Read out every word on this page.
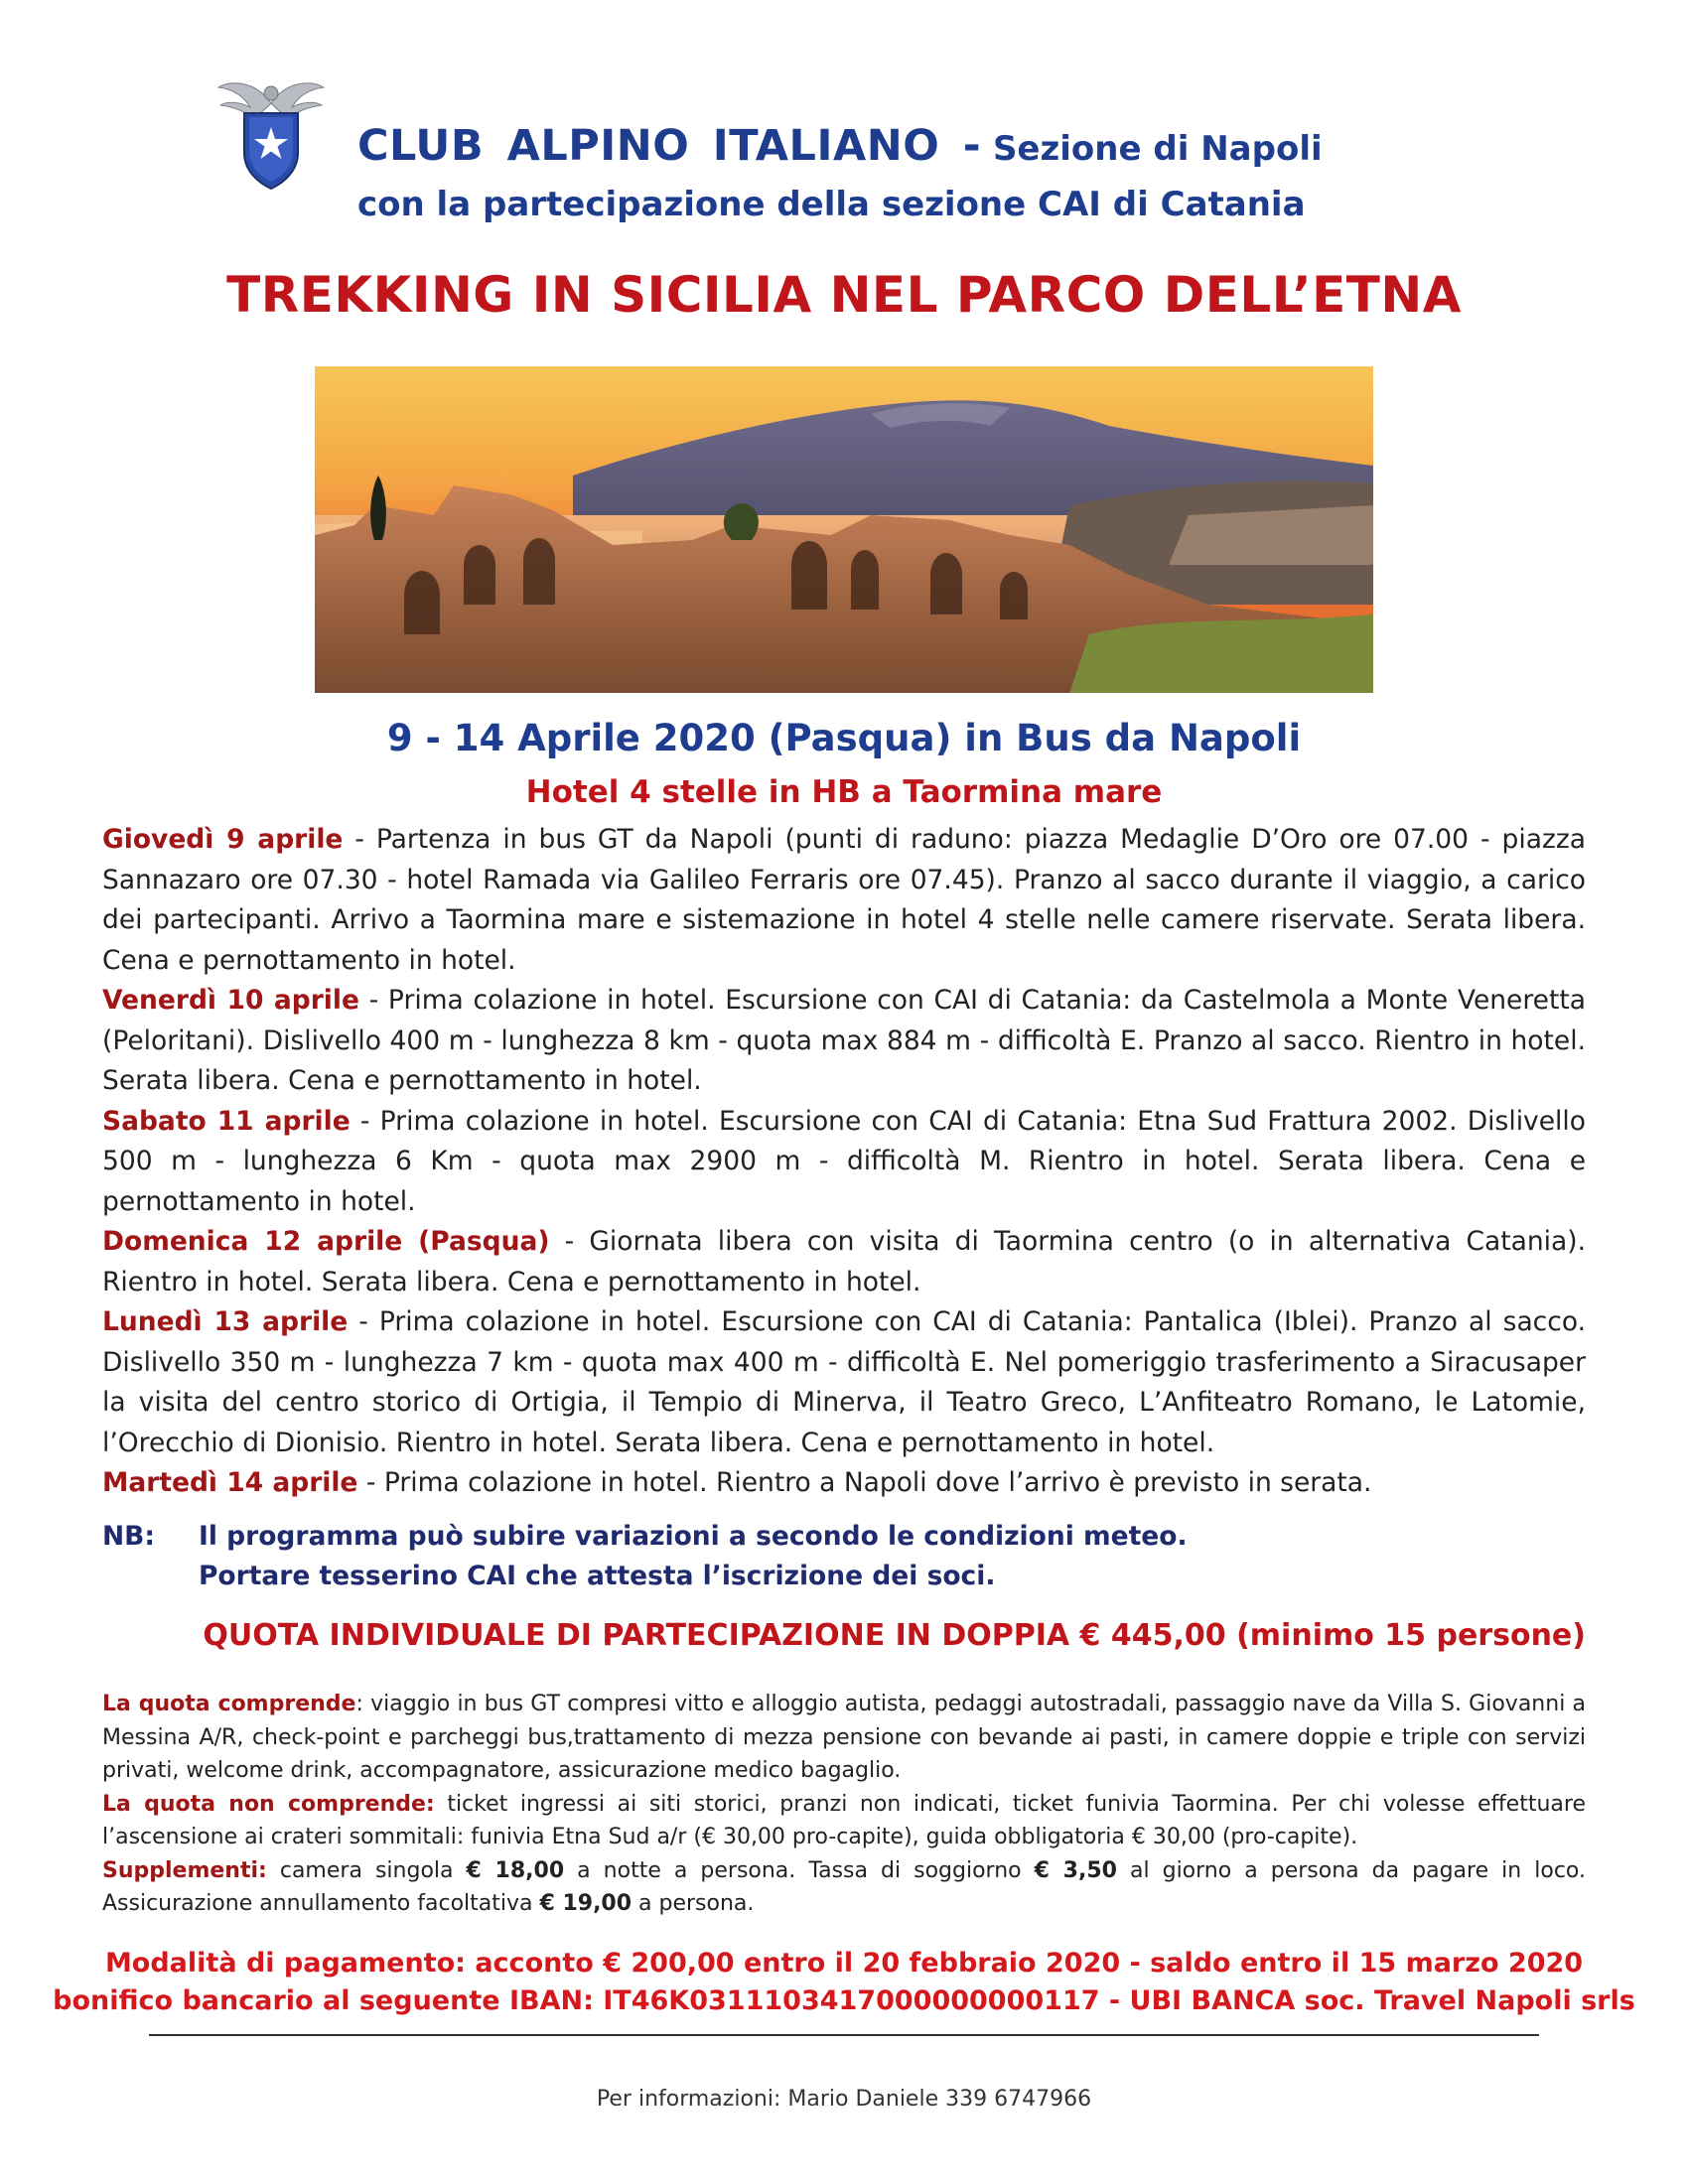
CLUB ALPINO ITALIANO - Sezione di Napoli
con la partecipazione della sezione CAI di Catania
TREKKING IN SICILIA NEL PARCO DELL’ETNA
9 - 14 Aprile 2020 (Pasqua) in Bus da Napoli
Hotel 4 stelle in HB a Taormina mare

Giovedì 9 aprile - Partenza in bus GT da Napoli (punti di raduno: piazza Medaglie D’Oro ore 07.00 - piazza Sannazaro ore 07.30 - hotel Ramada via Galileo Ferraris ore 07.45). Pranzo al sacco durante il viaggio, a carico dei partecipanti. Arrivo a Taormina mare e sistemazione in hotel 4 stelle nelle camere riservate. Serata libera. Cena e pernottamento in hotel.

Venerdì 10 aprile - Prima colazione in hotel. Escursione con CAI di Catania: da Castelmola a Monte Veneretta (Peloritani). Dislivello 400 m - lunghezza 8 km - quota max 884 m - difficoltà E. Pranzo al sacco. Rientro in hotel. Serata libera. Cena e pernottamento in hotel.

Sabato 11 aprile - Prima colazione in hotel. Escursione con CAI di Catania: Etna Sud Frattura 2002. Dislivello 500 m - lunghezza 6 Km - quota max 2900 m - difficoltà M. Rientro in hotel. Serata libera. Cena e pernottamento in hotel.

Domenica 12 aprile (Pasqua) - Giornata libera con visita di Taormina centro (o in alternativa Catania). Rientro in hotel. Serata libera. Cena e pernottamento in hotel.

Lunedì 13 aprile - Prima colazione in hotel. Escursione con CAI di Catania: Pantalica (Iblei). Pranzo al sacco. Dislivello 350 m - lunghezza 7 km - quota max 400 m - difficoltà E. Nel pomeriggio trasferimento a Siracusaper la visita del centro storico di Ortigia, il Tempio di Minerva, il Teatro Greco, L’Anfiteatro Romano, le Latomie, l’Orecchio di Dionisio. Rientro in hotel. Serata libera. Cena e pernottamento in hotel.

Martedì 14 aprile - Prima colazione in hotel. Rientro a Napoli dove l’arrivo è previsto in serata.

NB:	Il programma può subire variazioni a secondo le condizioni meteo.
Portare tesserino CAI che attesta l’iscrizione dei soci.
QUOTA INDIVIDUALE DI PARTECIPAZIONE IN DOPPIA € 445,00 (minimo 15 persone)

La quota comprende: viaggio in bus GT compresi vitto e alloggio autista, pedaggi autostradali, passaggio nave da Villa S. Giovanni a Messina A/R, check-point e parcheggi bus,trattamento di mezza pensione con bevande ai pasti, in camere doppie e triple con servizi privati, welcome drink, accompagnatore, assicurazione medico bagaglio.

La quota non comprende: ticket ingressi ai siti storici, pranzi non indicati, ticket funivia Taormina. Per chi volesse effettuare l’ascensione ai crateri sommitali: funivia Etna Sud a/r (€ 30,00 pro-capite), guida obbligatoria € 30,00 (pro-capite).

Supplementi: camera singola € 18,00 a notte a persona. Tassa di soggiorno € 3,50 al giorno a persona da pagare in loco. Assicurazione annullamento facoltativa € 19,00 a persona.

Modalità di pagamento: acconto € 200,00 entro il 20 febbraio 2020 - saldo entro il 15 marzo 2020
bonifico bancario al seguente IBAN: IT46K0311103417000000000117 - UBI BANCA soc. Travel Napoli srls
Per informazioni: Mario Daniele 339 6747966
